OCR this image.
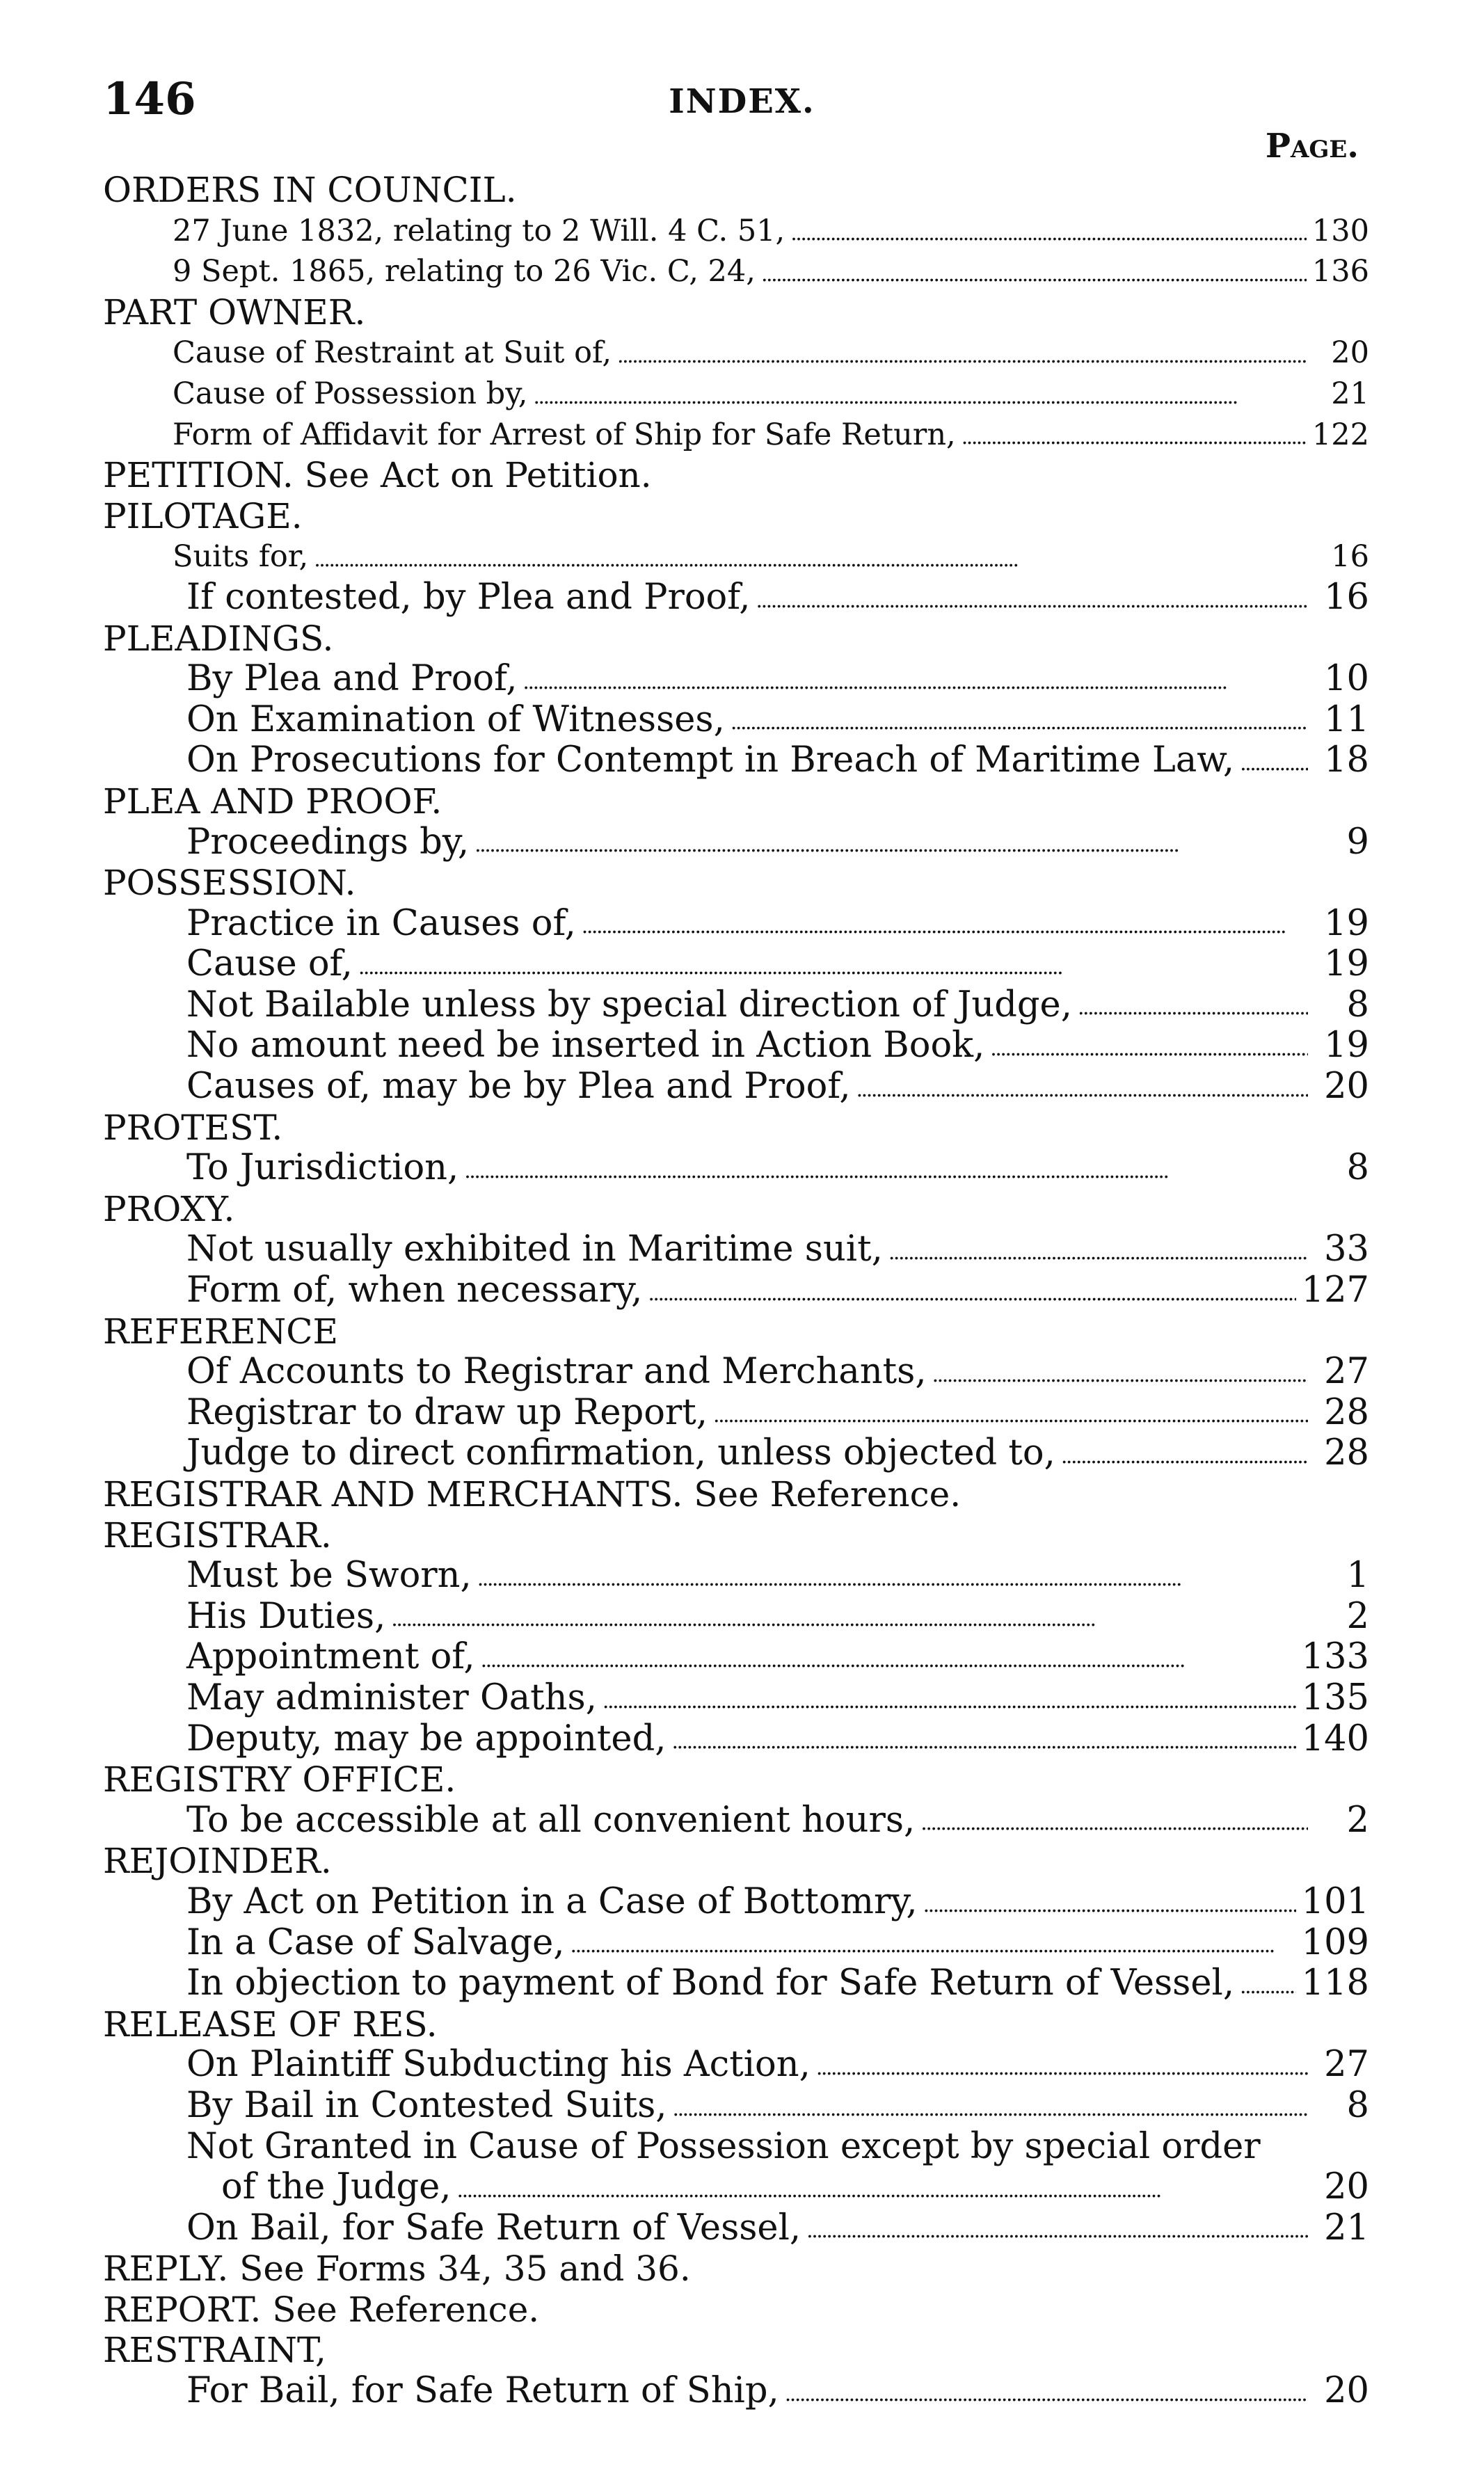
146	INDEX.
Page.
ORDERS IN COUNCIL.
27 June 1832, relating to 2 Will. 4 C. 51, . . .	130
9 Sept. 1865, relating to 26 Vic. C, 24, . . .	136
PART OWNER.
Cause of Restraint at Suit of, . . .	20
Cause of Possession by, . . .	21
Form of Affidavit for Arrest of Ship for Safe Return, . . .	122
PETITION. See Act on Petition.
PILOTAGE.
Suits for, . . .	16
If contested, by Plea and Proof, . . .	16
PLEADINGS.
By Plea and Proof, . . .	10
On Examination of Witnesses, . . .	11
On Prosecutions for Contempt in Breach of Maritime Law, . . .	18
PLEA AND PROOF.
Proceedings by, . . .	9
POSSESSION.
Practice in Causes of, . . .	19
Cause of, . . .	19
Not Bailable unless by special direction of Judge, . . .	8
No amount need be inserted in Action Book, . . .	19
Causes of, may be by Plea and Proof, . . .	20
PROTEST.
To Jurisdiction, . . .	8
PROXY.
Not usually exhibited in Maritime suit, . . .	33
Form of, when necessary, . . .	127
REFERENCE
Of Accounts to Registrar and Merchants, . . .	27
Registrar to draw up Report, . . .	28
Judge to direct confirmation, unless objected to, . . .	28
REGISTRAR AND MERCHANTS. See Reference.
REGISTRAR.
Must be Sworn, . . .	1
His Duties, . . .	2
Appointment of, . . .	133
May administer Oaths, . . .	135
Deputy, may be appointed, . . .	140
REGISTRY OFFICE.
To be accessible at all convenient hours, . . .	2
REJOINDER.
By Act on Petition in a Case of Bottomry, . . .	101
In a Case of Salvage, . . .	109
In objection to payment of Bond for Safe Return of Vessel, . . . 118
RELEASE OF RES.
On Plaintiff Subducting his Action, . . .	27
By Bail in Contested Suits, . . .	8
Not Granted in Cause of Possession except by special order
of the Judge, . . .	20
On Bail, for Safe Return of Vessel, . . .	21
REPLY. See Forms 34, 35 and 36.
REPORT. See Reference.
RESTRAINT,
For Bail, for Safe Return of Ship, . . .	20
